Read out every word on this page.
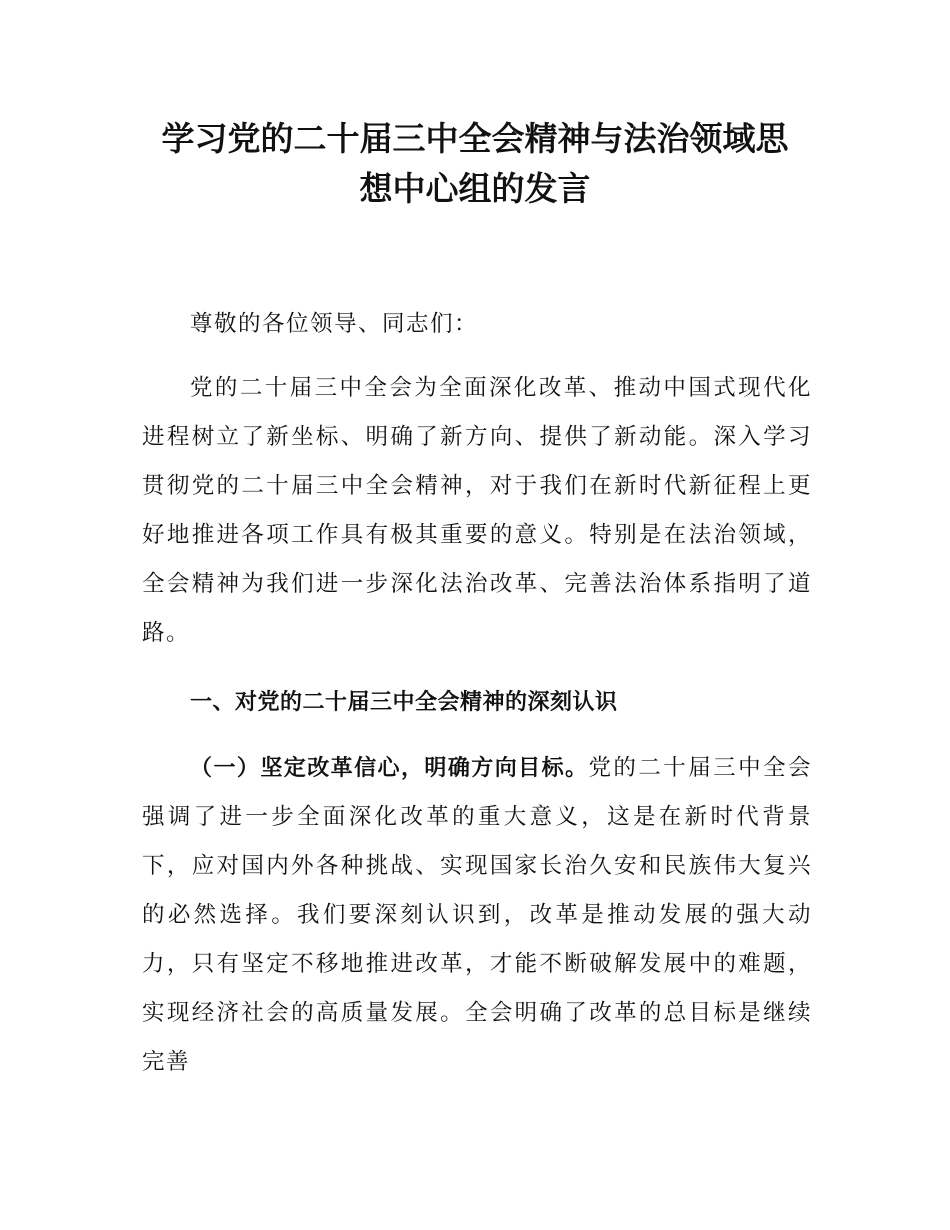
学习党的二十届三中全会精神与法治领域思
想中心组的发言

尊敬的各位领导、同志们：

党的二十届三中全会为全面深化改革、推动中国式现代化进程树立了新坐标、明确了新方向、提供了新动能。深入学习贯彻党的二十届三中全会精神，对于我们在新时代新征程上更好地推进各项工作具有极其重要的意义。特别是在法治领域，全会精神为我们进一步深化法治改革、完善法治体系指明了道路。

一、对党的二十届三中全会精神的深刻认识

（一）坚定改革信心，明确方向目标。党的二十届三中全会强调了进一步全面深化改革的重大意义，这是在新时代背景下，应对国内外各种挑战、实现国家长治久安和民族伟大复兴的必然选择。我们要深刻认识到，改革是推动发展的强大动力，只有坚定不移地推进改革，才能不断破解发展中的难题，实现经济社会的高质量发展。全会明确了改革的总目标是继续完善
